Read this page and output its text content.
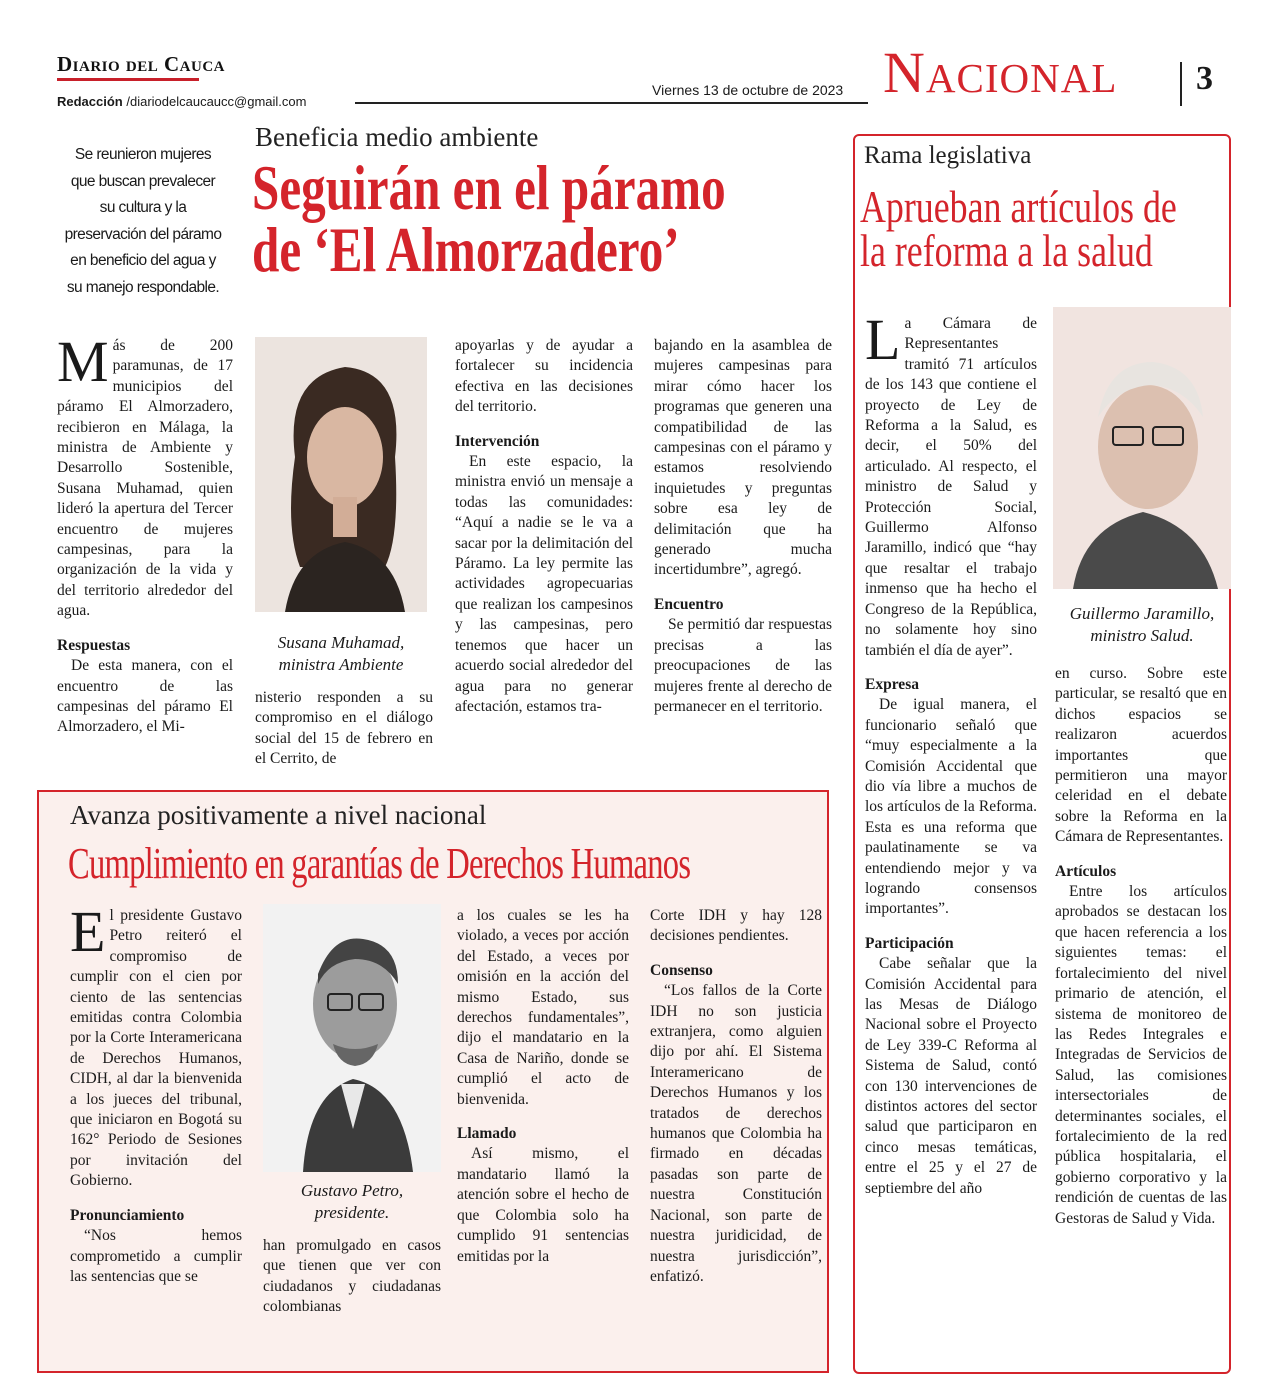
Diario del Cauca
Redacción /diariodelcaucaucc@gmail.com
Viernes 13 de octubre de 2023 Nacional 3
Beneficia medio ambiente
Seguirán en el páramo
de ‘El Almorzadero’
Se reunieron mujeres que buscan prevalecer su cultura y la preservación del páramo en beneficio del agua y su manejo respondable.

Más de 200 paramunas, de 17 municipios del páramo El Almorzadero, recibieron en Málaga, la ministra de Ambiente y Desarrollo Sostenible, Susana Muhamad, quien lideró la apertura del Tercer encuentro de mujeres campesinas, para la organización de la vida y del territorio alrededor del agua.

Respuestas

De esta manera, con el encuentro de las campesinas del páramo El Almorzadero, el Mi-

Susana Muhamad,
ministra Ambiente

nisterio responden a su compromiso en el diálogo social del 15 de febrero en el Cerrito, de

apoyarlas y de ayudar a fortalecer su incidencia efectiva en las decisiones del territorio.

Intervención

En este espacio, la ministra envió un mensaje a todas las comunidades: “Aquí a nadie se le va a sacar por la delimitación del Páramo. La ley permite las actividades agropecuarias que realizan los campesinos y las campesinas, pero tenemos que hacer un acuerdo social alrededor del agua para no generar afectación, estamos tra-

bajando en la asamblea de mujeres campesinas para mirar cómo hacer los programas que generen una compatibilidad de las campesinas con el páramo y estamos resolviendo inquietudes y preguntas sobre esa ley de delimitación que ha generado mucha incertidumbre”, agregó.

Encuentro

Se permitió dar respuestas precisas a las preocupaciones de las mujeres frente al derecho de permanecer en el territorio.

Avanza positivamente a nivel nacional
Cumplimiento en garantías de Derechos Humanos

El presidente Gustavo Petro reiteró el compromiso de cumplir con el cien por ciento de las sentencias emitidas contra Colombia por la Corte Interamericana de Derechos Humanos, CIDH, al dar la bienvenida a los jueces del tribunal, que iniciaron en Bogotá su 162° Periodo de Sesiones por invitación del Gobierno.

Pronunciamiento

“Nos hemos comprometido a cumplir las sentencias que se

Gustavo Petro,
presidente.

han promulgado en casos que tienen que ver con ciudadanos y ciudadanas colombianas

a los cuales se les ha violado, a veces por acción del Estado, a veces por omisión en la acción del mismo Estado, sus derechos fundamentales”, dijo el mandatario en la Casa de Nariño, donde se cumplió el acto de bienvenida.

Llamado

Así mismo, el mandatario llamó la atención sobre el hecho de que Colombia solo ha cumplido 91 sentencias emitidas por la

Corte IDH y hay 128 decisiones pendientes.

Consenso

“Los fallos de la Corte IDH no son justicia extranjera, como alguien dijo por ahí. El Sistema Interamericano de Derechos Humanos y los tratados de derechos humanos que Colombia ha firmado en décadas pasadas son parte de nuestra Constitución Nacional, son parte de nuestra juridicidad, de nuestra jurisdicción”, enfatizó.

Rama legislativa
Aprueban artículos de
la reforma a la salud

La Cámara de Representantes tramitó 71 artículos de los 143 que contiene el proyecto de Ley de Reforma a la Salud, es decir, el 50% del articulado. Al respecto, el ministro de Salud y Protección Social, Guillermo Alfonso Jaramillo, indicó que “hay que resaltar el trabajo inmenso que ha hecho el Congreso de la República, no solamente hoy sino también el día de ayer”.

Expresa

De igual manera, el funcionario señaló que “muy especialmente a la Comisión Accidental que dio vía libre a muchos de los artículos de la Reforma. Esta es una reforma que paulatinamente se va entendiendo mejor y va logrando consensos importantes”.

Participación

Cabe señalar que la Comisión Accidental para las Mesas de Diálogo Nacional sobre el Proyecto de Ley 339-C Reforma al Sistema de Salud, contó con 130 intervenciones de distintos actores del sector salud que participaron en cinco mesas temáticas, entre el 25 y el 27 de septiembre del año

Guillermo Jaramillo,
ministro Salud.

en curso. Sobre este particular, se resaltó que en dichos espacios se realizaron acuerdos importantes que permitieron una mayor celeridad en el debate sobre la Reforma en la Cámara de Representantes.

Artículos

Entre los artículos aprobados se destacan los que hacen referencia a los siguientes temas: el fortalecimiento del nivel primario de atención, el sistema de monitoreo de las Redes Integrales e Integradas de Servicios de Salud, las comisiones intersectoriales de determinantes sociales, el fortalecimiento de la red pública hospitalaria, el gobierno corporativo y la rendición de cuentas de las Gestoras de Salud y Vida.
